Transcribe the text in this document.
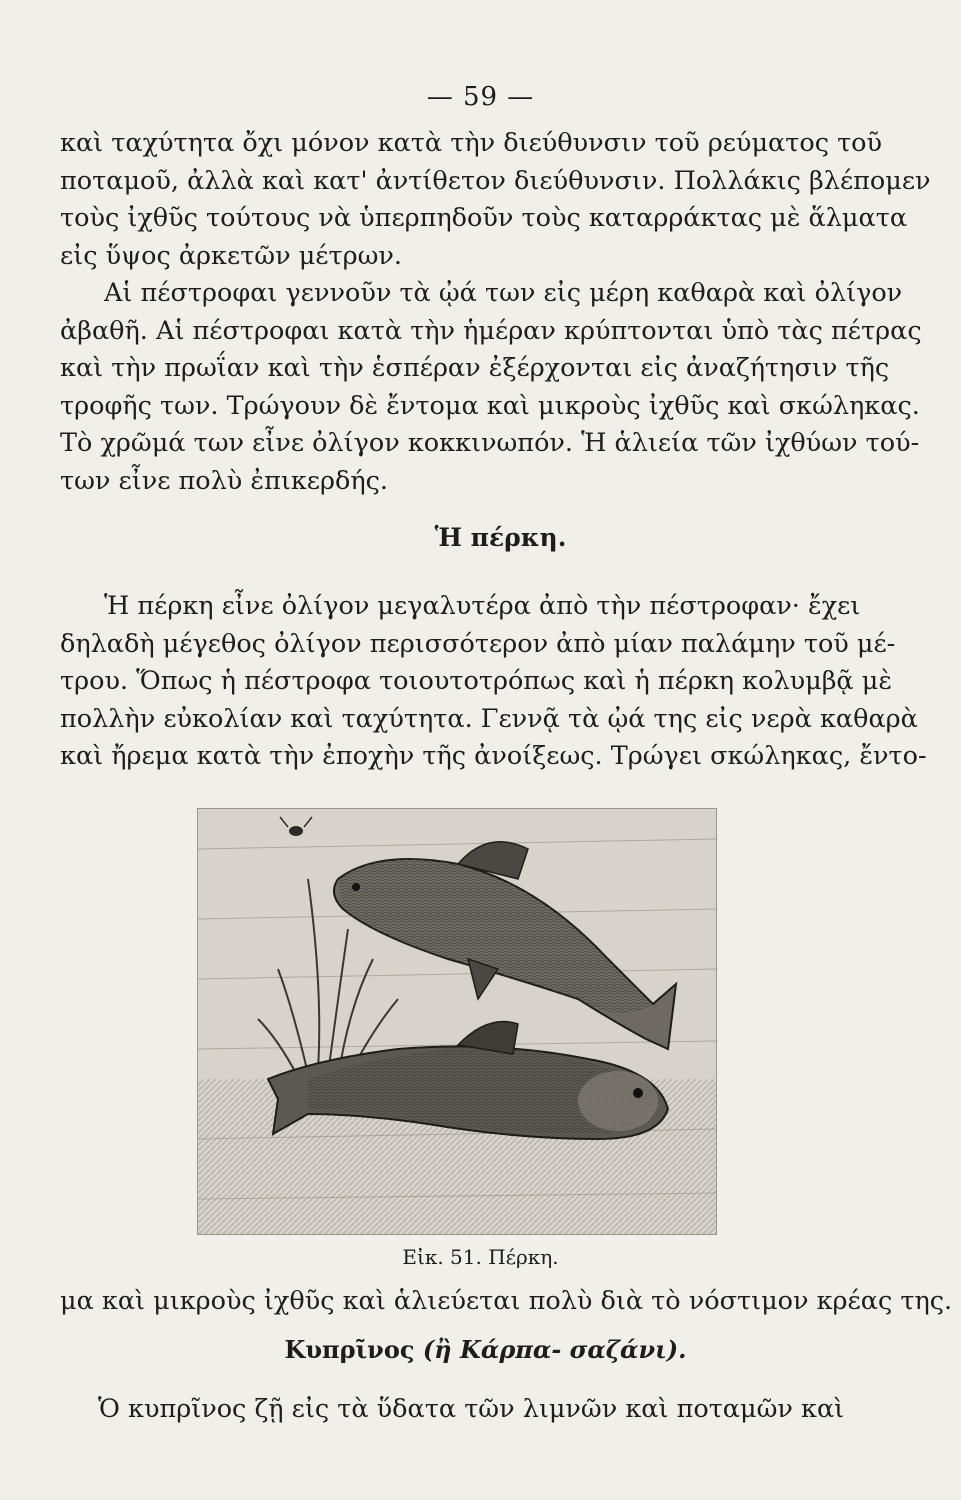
— 59 —
καὶ ταχύτητα ὄχι μόνον κατὰ τὴν διεύθυνσιν τοῦ ρεύματος τοῦ
ποταμοῦ, ἀλλὰ καὶ κατ' ἀντίθετον διεύθυνσιν. Πολλάκις βλέπομεν
τοὺς ἰχθῦς τούτους νὰ ὑπερπηδοῦν τοὺς καταρράκτας μὲ ἅλματα
εἰς ὕψος ἀρκετῶν μέτρων.
Αἱ πέστροφαι γεννοῦν τὰ ᾠά των εἰς μέρη καθαρὰ καὶ ὀλίγον
ἀβαθῆ. Αἱ πέστροφαι κατὰ τὴν ἡμέραν κρύπτονται ὑπὸ τὰς πέτρας
καὶ τὴν πρωΐαν καὶ τὴν ἑσπέραν ἐξέρχονται εἰς ἀναζήτησιν τῆς
τροφῆς των. Τρώγουν δὲ ἔντομα καὶ μικροὺς ἰχθῦς καὶ σκώληκας.
Τὸ χρῶμά των εἶνε ὀλίγον κοκκινωπόν. Ἡ ἁλιεία τῶν ἰχθύων τού-
των εἶνε πολὺ ἐπικερδής.
Ἡ πέρκη.
Ἡ πέρκη εἶνε ὀλίγον μεγαλυτέρα ἀπὸ τὴν πέστροφαν· ἔχει
δηλαδὴ μέγεθος ὀλίγον περισσότερον ἀπὸ μίαν παλάμην τοῦ μέ-
τρου. Ὅπως ἡ πέστροφα τοιουτοτρόπως καὶ ἡ πέρκη κολυμβᾷ μὲ
πολλὴν εὐκολίαν καὶ ταχύτητα. Γεννᾷ τὰ ᾠά της εἰς νερὰ καθαρὰ
καὶ ἤρεμα κατὰ τὴν ἐποχὴν τῆς ἀνοίξεως. Τρώγει σκώληκας, ἔντο-
Εἰκ. 51. Πέρκη.
μα καὶ μικροὺς ἰχθῦς καὶ ἁλιεύεται πολὺ διὰ τὸ νόστιμον κρέας της.
Κυπρῖνος (ἢ Κάρπα- σαζάνι).
Ὁ κυπρῖνος ζῇ εἰς τὰ ὕδατα τῶν λιμνῶν καὶ ποταμῶν καὶ
